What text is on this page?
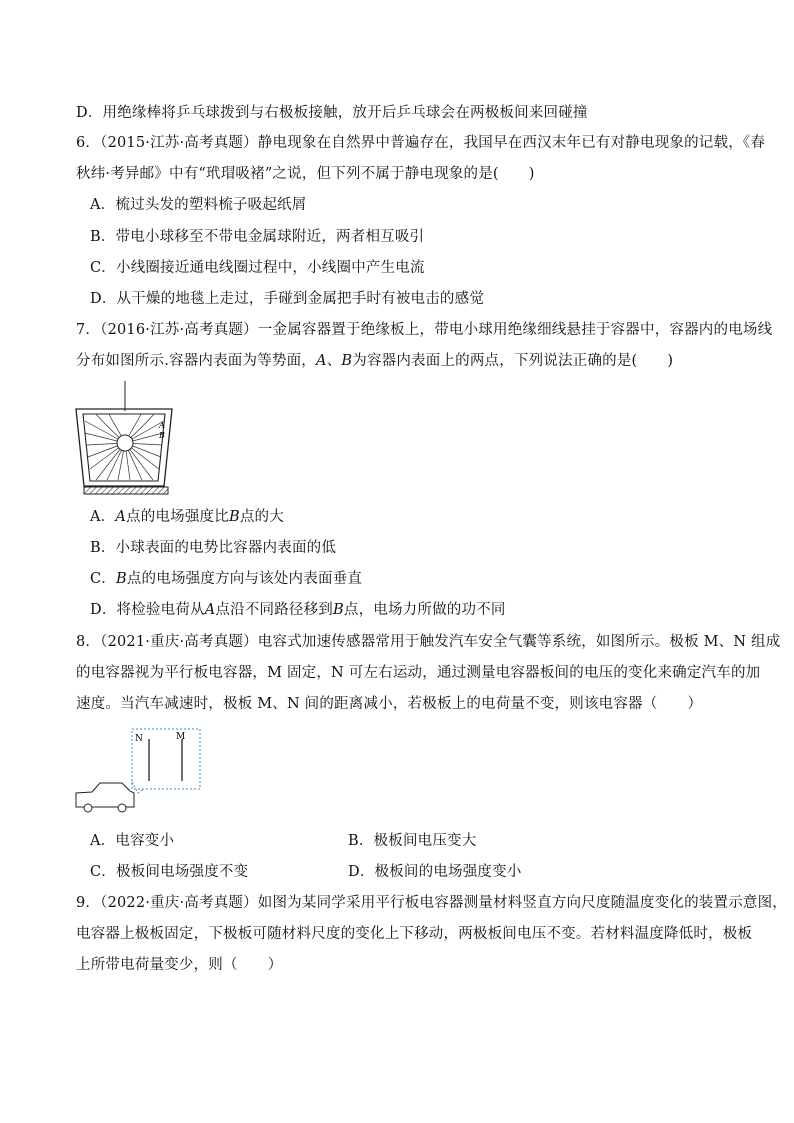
D．用绝缘棒将乒乓球拨到与右极板接触，放开后乒乓球会在两极板间来回碰撞
6．（2015·江苏·高考真题）静电现象在自然界中普遍存在，我国早在西汉末年已有对静电现象的记载，《春
秋纬·考异邮》中有“玳瑁吸褚”之说，但下列不属于静电现象的是( )
A．梳过头发的塑料梳子吸起纸屑
B．带电小球移至不带电金属球附近，两者相互吸引
C．小线圈接近通电线圈过程中，小线圈中产生电流
D．从干燥的地毯上走过，手碰到金属把手时有被电击的感觉
7．（2016·江苏·高考真题）一金属容器置于绝缘板上，带电小球用绝缘细线悬挂于容器中，容器内的电场线
分布如图所示.容器内表面为等势面，A、B为容器内表面上的两点，下列说法正确的是( )
A
B
A．A点的电场强度比B点的大
B．小球表面的电势比容器内表面的低
C．B点的电场强度方向与该处内表面垂直
D．将检验电荷从A点沿不同路径移到B点，电场力所做的功不同
8．（2021·重庆·高考真题）电容式加速传感器常用于触发汽车安全气囊等系统，如图所示。极板 M、N 组成
的电容器视为平行板电容器，M 固定，N 可左右运动，通过测量电容器板间的电压的变化来确定汽车的加
速度。当汽车减速时，极板 M、N 间的距离减小，若极板上的电荷量不变，则该电容器（ ）
N	M
A．电容变小	B．极板间电压变大
C．极板间电场强度不变	D．极板间的电场强度变小
9．（2022·重庆·高考真题）如图为某同学采用平行板电容器测量材料竖直方向尺度随温度变化的装置示意图，
电容器上极板固定，下极板可随材料尺度的变化上下移动，两极板间电压不变。若材料温度降低时，极板
上所带电荷量变少，则（ ）
